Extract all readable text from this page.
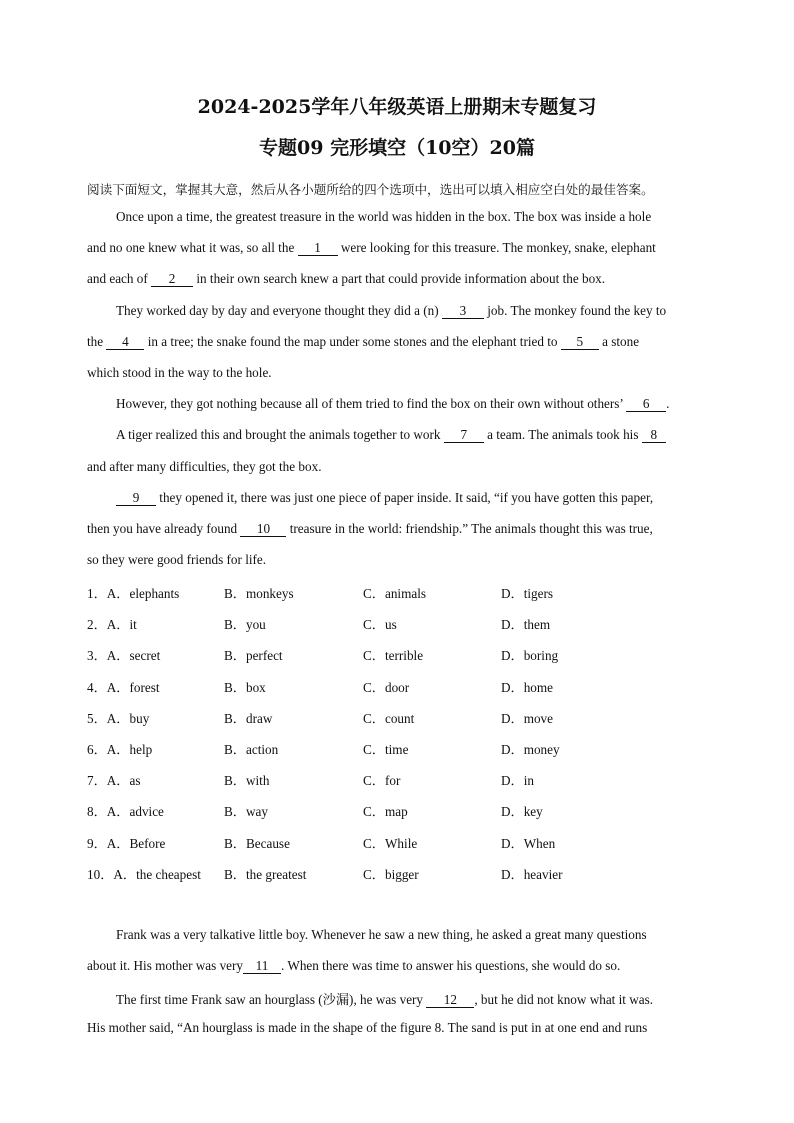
2024-2025学年八年级英语上册期末专题复习
专题09 完形填空（10空）20篇
阅读下面短文，掌握其大意，然后从各小题所给的四个选项中，选出可以填入相应空白处的最佳答案。
Once upon a time, the greatest treasure in the world was hidden in the box. The box was inside a hole
and no one knew what it was, so all the 1 were looking for this treasure. The monkey, snake, elephant
and each of 2 in their own search knew a part that could provide information about the box.
They worked day by day and everyone thought they did a (n) 3 job. The monkey found the key to
the 4 in a tree; the snake found the map under some stones and the elephant tried to 5 a stone
which stood in the way to the hole.
However, they got nothing because all of them tried to find the box on their own without others’ 6 .
A tiger realized this and brought the animals together to work 7 a team. The animals took his 8
and after many difficulties, they got the box.
9 they opened it, there was just one piece of paper inside. It said, “if you have gotten this paper,
then you have already found 10 treasure in the world: friendship.” The animals thought this was true,
so they were good friends for life.
1．A．elephants	B．monkeys	C．animals	D．tigers
2．A．it	B．you	C．us	D．them
3．A．secret	B．perfect	C．terrible	D．boring
4．A．forest	B．box	C．door	D．home
5．A．buy	B．draw	C．count	D．move
6．A．help	B．action	C．time	D．money
7．A．as	B．with	C．for	D．in
8．A．advice	B．way	C．map	D．key
9．A．Before	B．Because	C．While	D．When
10．A．the cheapest B．the greatest	C．bigger	D．heavier
Frank was a very talkative little boy. Whenever he saw a new thing, he asked a great many questions
about it. His mother was very 11 . When there was time to answer his questions, she would do so.
The first time Frank saw an hourglass (沙漏), he was very 12 , but he did not know what it was.
His mother said, “An hourglass is made in the shape of the figure 8. The sand is put in at one end and runs
